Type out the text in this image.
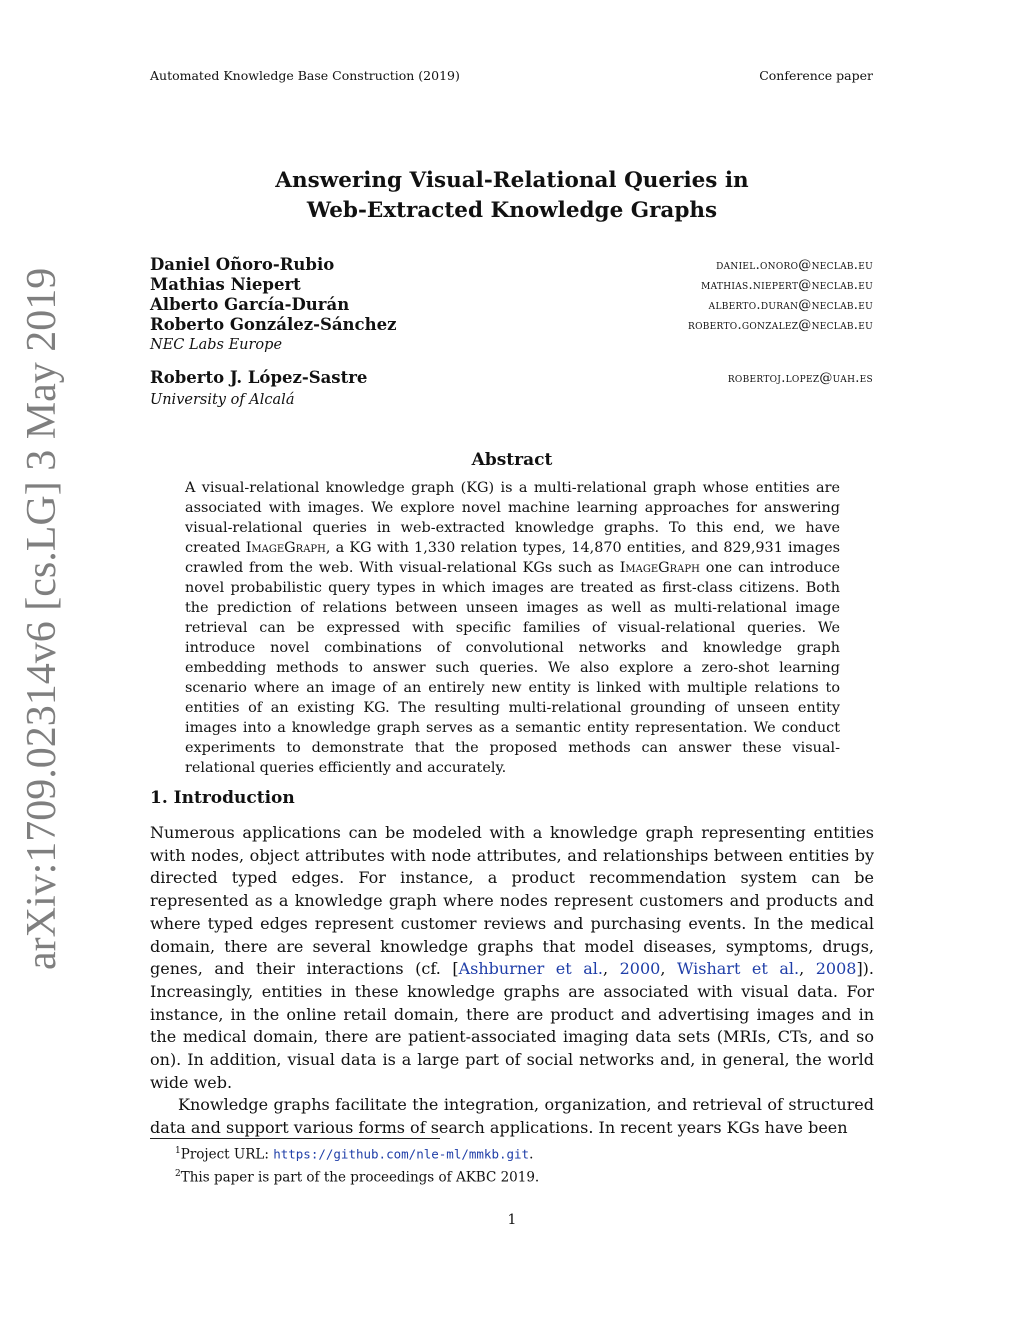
Automated Knowledge Base Construction (2019)	Conference paper
arXiv:1709.02314v6 [cs.LG] 3 May 2019
Answering Visual-Relational Queries in
Web-Extracted Knowledge Graphs
Daniel Oñoro-Rubio	daniel.onoro@neclab.eu
Mathias Niepert	mathias.niepert@neclab.eu
Alberto García-Durán	alberto.duran@neclab.eu
Roberto González-Sánchez	roberto.gonzalez@neclab.eu
NEC Labs Europe
Roberto J. López-Sastre	robertoj.lopez@uah.es
University of Alcalá
Abstract
A visual-relational knowledge graph (KG) is a multi-relational graph whose entities are associated with images. We explore novel machine learning approaches for answering visual-relational queries in web-extracted knowledge graphs. To this end, we have created ImageGraph, a KG with 1,330 relation types, 14,870 entities, and 829,931 images crawled from the web. With visual-relational KGs such as ImageGraph one can introduce novel probabilistic query types in which images are treated as first-class citizens. Both the prediction of relations between unseen images as well as multi-relational image retrieval can be expressed with specific families of visual-relational queries. We introduce novel combinations of convolutional networks and knowledge graph embedding methods to answer such queries. We also explore a zero-shot learning scenario where an image of an entirely new entity is linked with multiple relations to entities of an existing KG. The resulting multi-relational grounding of unseen entity images into a knowledge graph serves as a semantic entity representation. We conduct experiments to demonstrate that the proposed methods can answer these visual-relational queries efficiently and accurately.
1. Introduction

Numerous applications can be modeled with a knowledge graph representing entities with nodes, object attributes with node attributes, and relationships between entities by directed typed edges. For instance, a product recommendation system can be represented as a knowledge graph where nodes represent customers and products and where typed edges represent customer reviews and purchasing events. In the medical domain, there are several knowledge graphs that model diseases, symptoms, drugs, genes, and their interactions (cf. [Ashburner et al., 2000, Wishart et al., 2008]). Increasingly, entities in these knowledge graphs are associated with visual data. For instance, in the online retail domain, there are product and advertising images and in the medical domain, there are patient-associated imaging data sets (MRIs, CTs, and so on). In addition, visual data is a large part of social networks and, in general, the world wide web.

Knowledge graphs facilitate the integration, organization, and retrieval of structured data and support various forms of search applications. In recent years KGs have been

$^1$Project URL: https://github.com/nle-ml/mmkb.git.
$^2$This paper is part of the proceedings of AKBC 2019.
1
